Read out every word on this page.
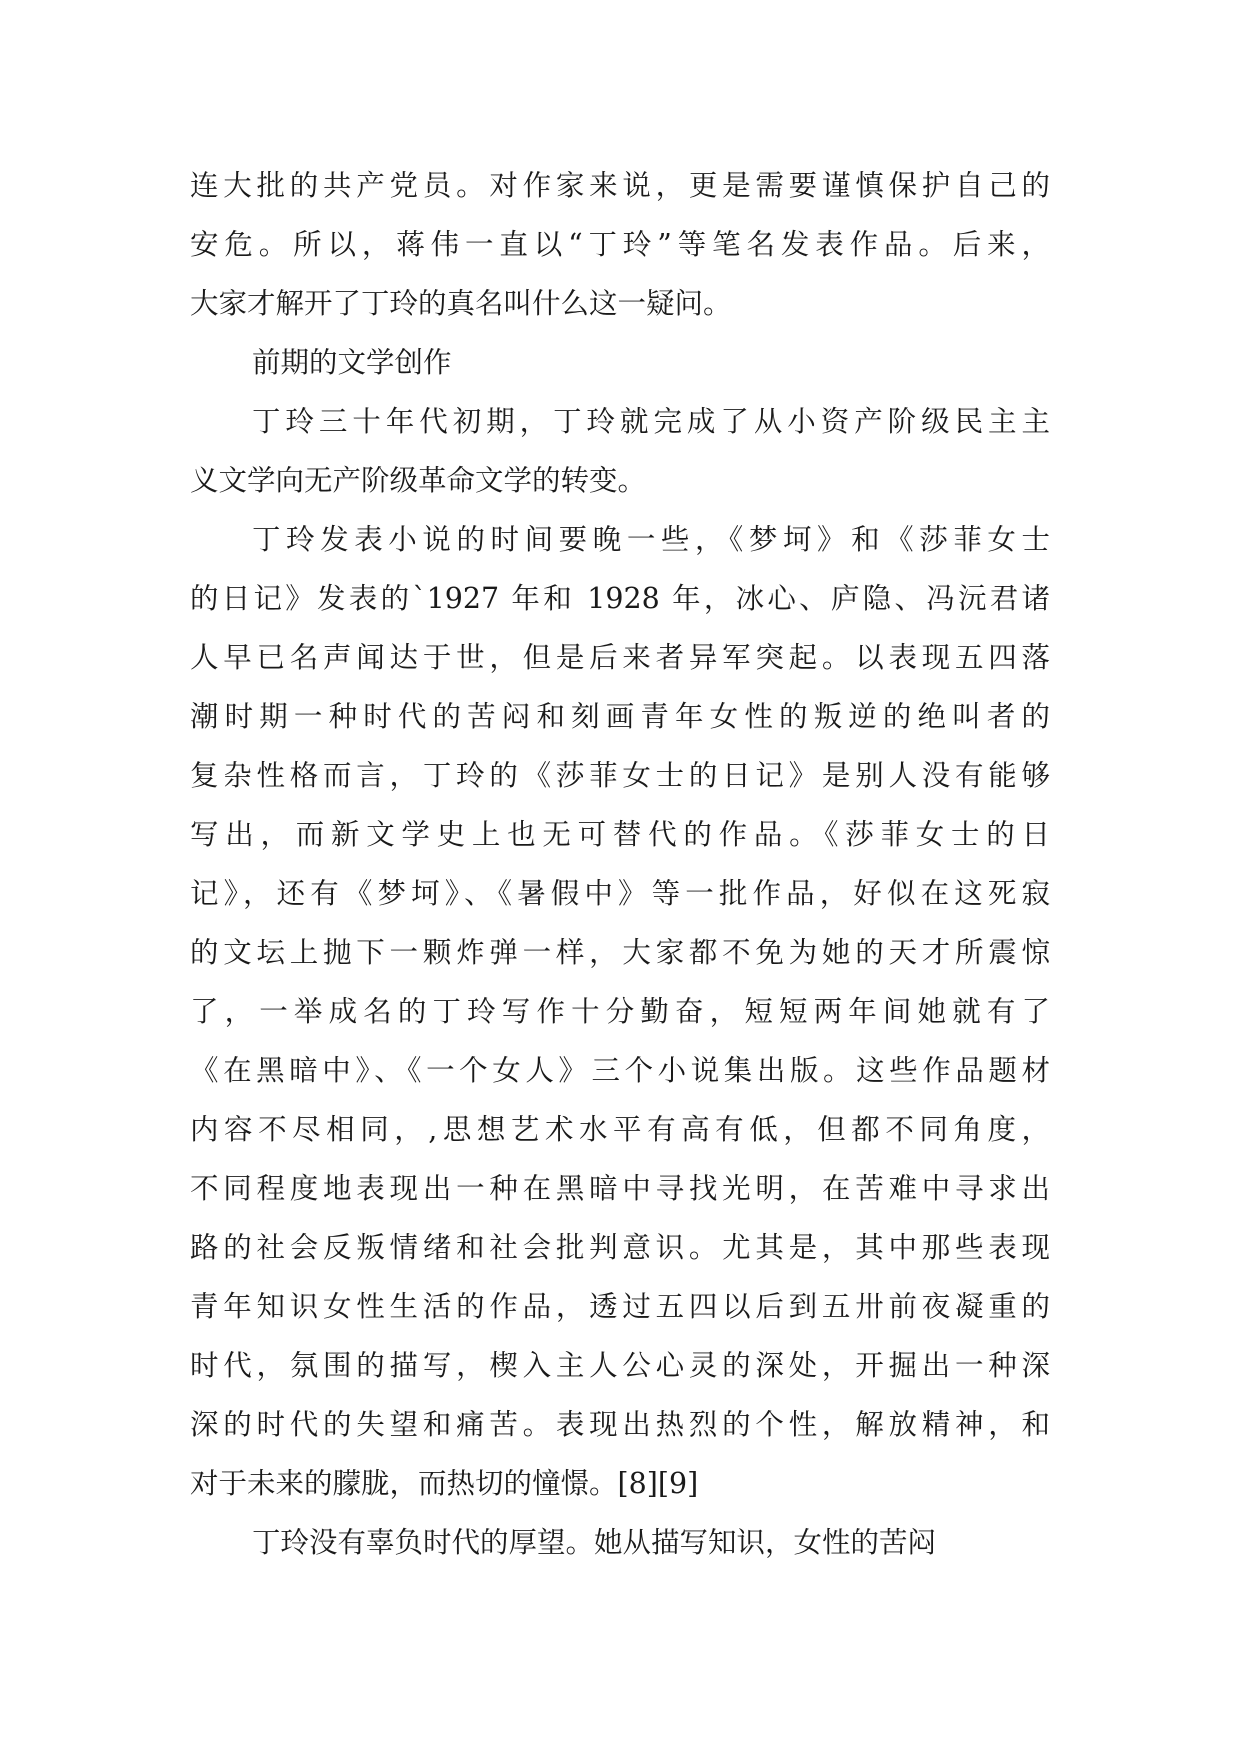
连大批的共产党员。对作家来说，更是需要谨慎保护自己的
安危。所以，蒋伟一直以“丁玲”等笔名发表作品。后来，
大家才解开了丁玲的真名叫什么这一疑问。
前期的文学创作
丁玲三十年代初期，丁玲就完成了从小资产阶级民主主
义文学向无产阶级革命文学的转变。
丁玲发表小说的时间要晚一些，《梦坷》和《莎菲女士
的日记》发表的`1927 年和 1928 年，冰心、庐隐、冯沅君诸
人早已名声闻达于世，但是后来者异军突起。以表现五四落
潮时期一种时代的苦闷和刻画青年女性的叛逆的绝叫者的
复杂性格而言，丁玲的《莎菲女士的日记》是别人没有能够
写出，而新文学史上也无可替代的作品。《莎菲女士的日
记》，还有《梦坷》、《暑假中》等一批作品，好似在这死寂
的文坛上抛下一颗炸弹一样，大家都不免为她的天才所震惊
了，一举成名的丁玲写作十分勤奋，短短两年间她就有了
《在黑暗中》、《一个女人》三个小说集出版。这些作品题材
内容不尽相同，,思想艺术水平有高有低，但都不同角度，
不同程度地表现出一种在黑暗中寻找光明，在苦难中寻求出
路的社会反叛情绪和社会批判意识。尤其是，其中那些表现
青年知识女性生活的作品，透过五四以后到五卅前夜凝重的
时代，氛围的描写，楔入主人公心灵的深处，开掘出一种深
深的时代的失望和痛苦。表现出热烈的个性，解放精神，和
对于未来的朦胧，而热切的憧憬。[8][9]
丁玲没有辜负时代的厚望。她从描写知识，女性的苦闷
